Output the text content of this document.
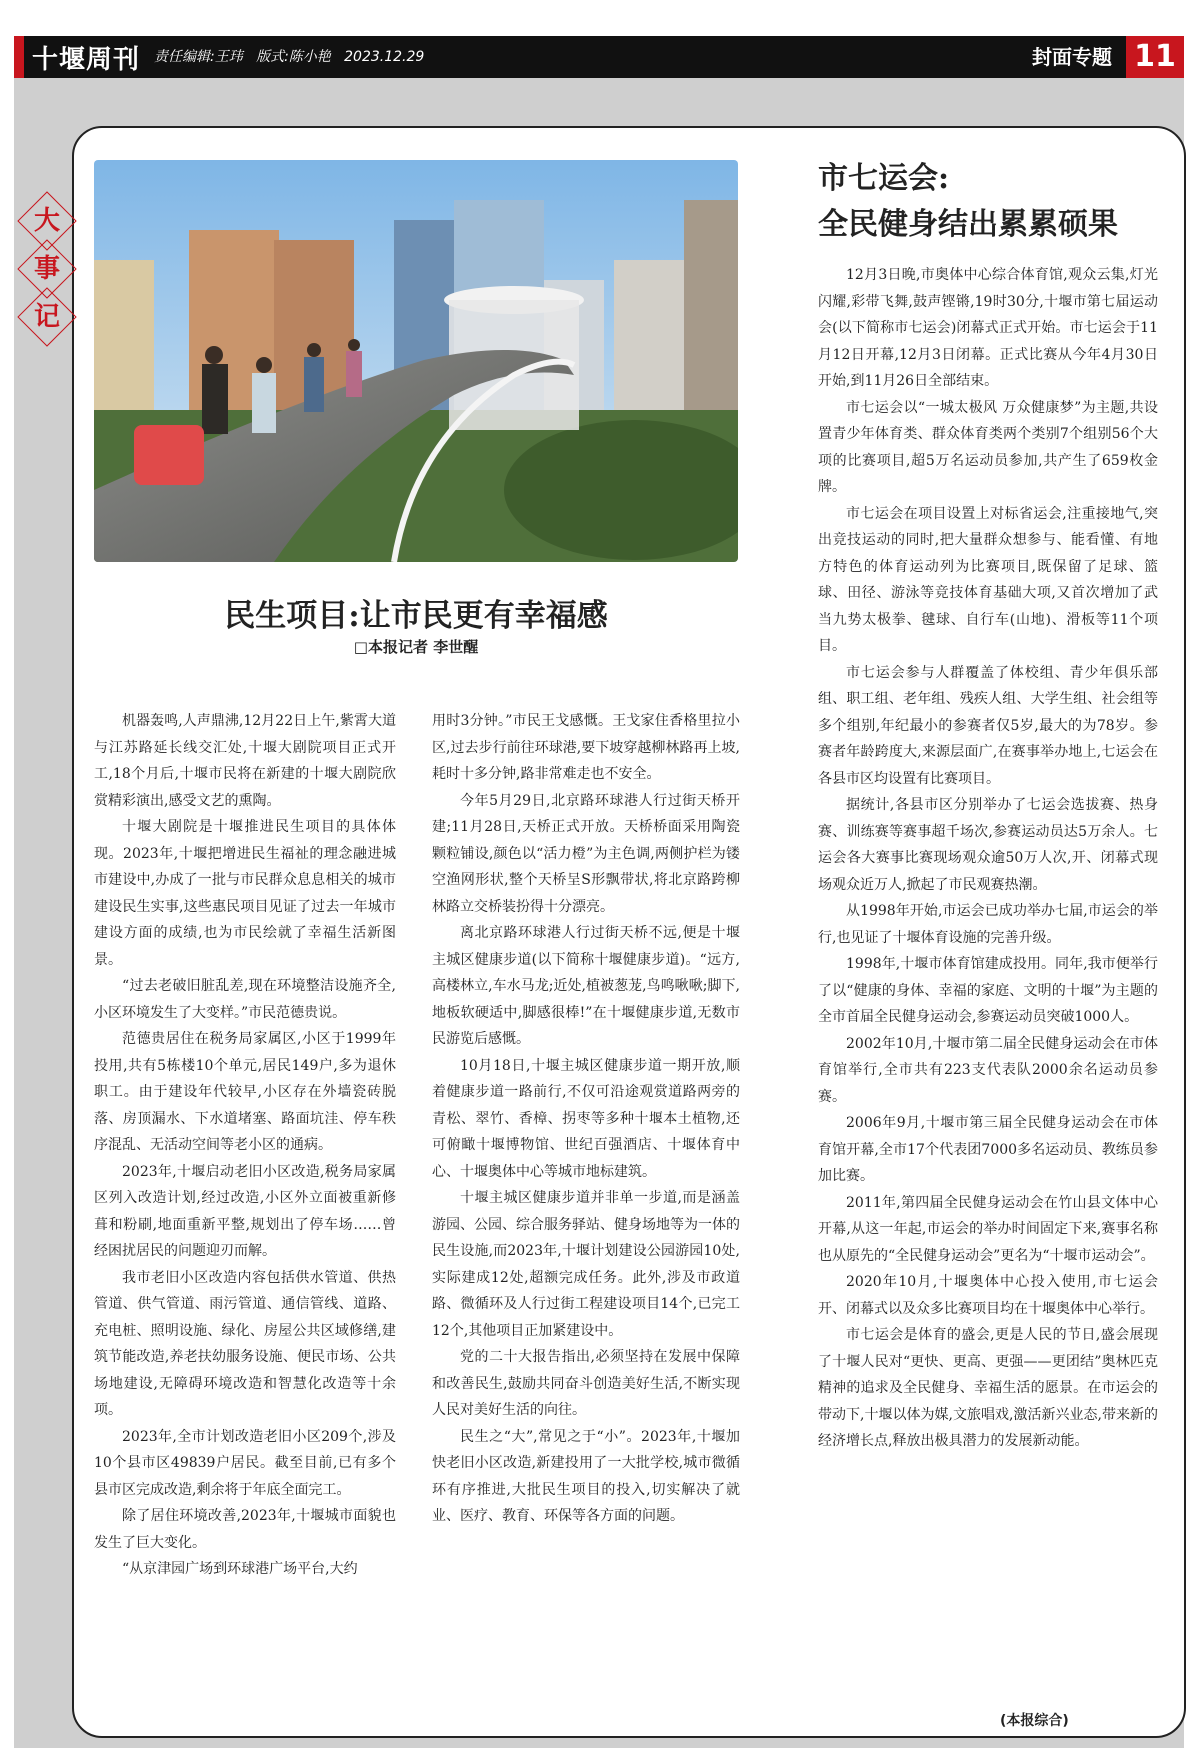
十堰周刊 责任编辑:王玮   版式:陈小艳   2023.12.29	封面专题 11
大
事
记
民生项目:让市民更有幸福感
□本报记者 李世醒

机器轰鸣,人声鼎沸,12月22日上午,紫霄大道与江苏路延长线交汇处,十堰大剧院项目正式开工,18个月后,十堰市民将在新建的十堰大剧院欣赏精彩演出,感受文艺的熏陶。

十堰大剧院是十堰推进民生项目的具体体现。2023年,十堰把增进民生福祉的理念融进城市建设中,办成了一批与市民群众息息相关的城市建设民生实事,这些惠民项目见证了过去一年城市建设方面的成绩,也为市民绘就了幸福生活新图景。

“过去老破旧脏乱差,现在环境整洁设施齐全,小区环境发生了大变样。”市民范德贵说。

范德贵居住在税务局家属区,小区于1999年投用,共有5栋楼10个单元,居民149户,多为退休职工。由于建设年代较早,小区存在外墙瓷砖脱落、房顶漏水、下水道堵塞、路面坑洼、停车秩序混乱、无活动空间等老小区的通病。

2023年,十堰启动老旧小区改造,税务局家属区列入改造计划,经过改造,小区外立面被重新修葺和粉刷,地面重新平整,规划出了停车场……曾经困扰居民的问题迎刃而解。

我市老旧小区改造内容包括供水管道、供热管道、供气管道、雨污管道、通信管线、道路、充电桩、照明设施、绿化、房屋公共区域修缮,建筑节能改造,养老扶幼服务设施、便民市场、公共场地建设,无障碍环境改造和智慧化改造等十余项。

2023年,全市计划改造老旧小区209个,涉及10个县市区49839户居民。截至目前,已有多个县市区完成改造,剩余将于年底全面完工。

除了居住环境改善,2023年,十堰城市面貌也发生了巨大变化。

“从京津园广场到环球港广场平台,大约

用时3分钟。”市民王戈感慨。王戈家住香格里拉小区,过去步行前往环球港,要下坡穿越柳林路再上坡,耗时十多分钟,路非常难走也不安全。

今年5月29日,北京路环球港人行过街天桥开建;11月28日,天桥正式开放。天桥桥面采用陶瓷颗粒铺设,颜色以“活力橙”为主色调,两侧护栏为镂空渔网形状,整个天桥呈S形飘带状,将北京路跨柳林路立交桥装扮得十分漂亮。

离北京路环球港人行过街天桥不远,便是十堰主城区健康步道(以下简称十堰健康步道)。“远方,高楼林立,车水马龙;近处,植被葱茏,鸟鸣啾啾;脚下,地板软硬适中,脚感很棒!”在十堰健康步道,无数市民游览后感慨。

10月18日,十堰主城区健康步道一期开放,顺着健康步道一路前行,不仅可沿途观赏道路两旁的青松、翠竹、香樟、拐枣等多种十堰本土植物,还可俯瞰十堰博物馆、世纪百强酒店、十堰体育中心、十堰奥体中心等城市地标建筑。

十堰主城区健康步道并非单一步道,而是涵盖游园、公园、综合服务驿站、健身场地等为一体的民生设施,而2023年,十堰计划建设公园游园10处,实际建成12处,超额完成任务。此外,涉及市政道路、微循环及人行过街工程建设项目14个,已完工12个,其他项目正加紧建设中。

党的二十大报告指出,必须坚持在发展中保障和改善民生,鼓励共同奋斗创造美好生活,不断实现人民对美好生活的向往。

民生之“大”,常见之于“小”。2023年,十堰加快老旧小区改造,新建投用了一大批学校,城市微循环有序推进,大批民生项目的投入,切实解决了就业、医疗、教育、环保等各方面的问题。

市七运会:
全民健身结出累累硕果

12月3日晚,市奥体中心综合体育馆,观众云集,灯光闪耀,彩带飞舞,鼓声铿锵,19时30分,十堰市第七届运动会(以下简称市七运会)闭幕式正式开始。市七运会于11月12日开幕,12月3日闭幕。正式比赛从今年4月30日开始,到11月26日全部结束。

市七运会以“一城太极风 万众健康梦”为主题,共设置青少年体育类、群众体育类两个类别7个组别56个大项的比赛项目,超5万名运动员参加,共产生了659枚金牌。

市七运会在项目设置上对标省运会,注重接地气,突出竞技运动的同时,把大量群众想参与、能看懂、有地方特色的体育运动列为比赛项目,既保留了足球、篮球、田径、游泳等竞技体育基础大项,又首次增加了武当九势太极拳、毽球、自行车(山地)、滑板等11个项目。

市七运会参与人群覆盖了体校组、青少年俱乐部组、职工组、老年组、残疾人组、大学生组、社会组等多个组别,年纪最小的参赛者仅5岁,最大的为78岁。参赛者年龄跨度大,来源层面广,在赛事举办地上,七运会在各县市区均设置有比赛项目。

据统计,各县市区分别举办了七运会选拔赛、热身赛、训练赛等赛事超千场次,参赛运动员达5万余人。七运会各大赛事比赛现场观众逾50万人次,开、闭幕式现场观众近万人,掀起了市民观赛热潮。

从1998年开始,市运会已成功举办七届,市运会的举行,也见证了十堰体育设施的完善升级。

1998年,十堰市体育馆建成投用。同年,我市便举行了以“健康的身体、幸福的家庭、文明的十堰”为主题的全市首届全民健身运动会,参赛运动员突破1000人。

2002年10月,十堰市第二届全民健身运动会在市体育馆举行,全市共有223支代表队2000余名运动员参赛。

2006年9月,十堰市第三届全民健身运动会在市体育馆开幕,全市17个代表团7000多名运动员、教练员参加比赛。

2011年,第四届全民健身运动会在竹山县文体中心开幕,从这一年起,市运会的举办时间固定下来,赛事名称也从原先的“全民健身运动会”更名为“十堰市运动会”。

2020年10月,十堰奥体中心投入使用,市七运会开、闭幕式以及众多比赛项目均在十堰奥体中心举行。

市七运会是体育的盛会,更是人民的节日,盛会展现了十堰人民对“更快、更高、更强——更团结”奥林匹克精神的追求及全民健身、幸福生活的愿景。在市运会的带动下,十堰以体为媒,文旅唱戏,激活新兴业态,带来新的经济增长点,释放出极具潜力的发展新动能。

(本报综合)
